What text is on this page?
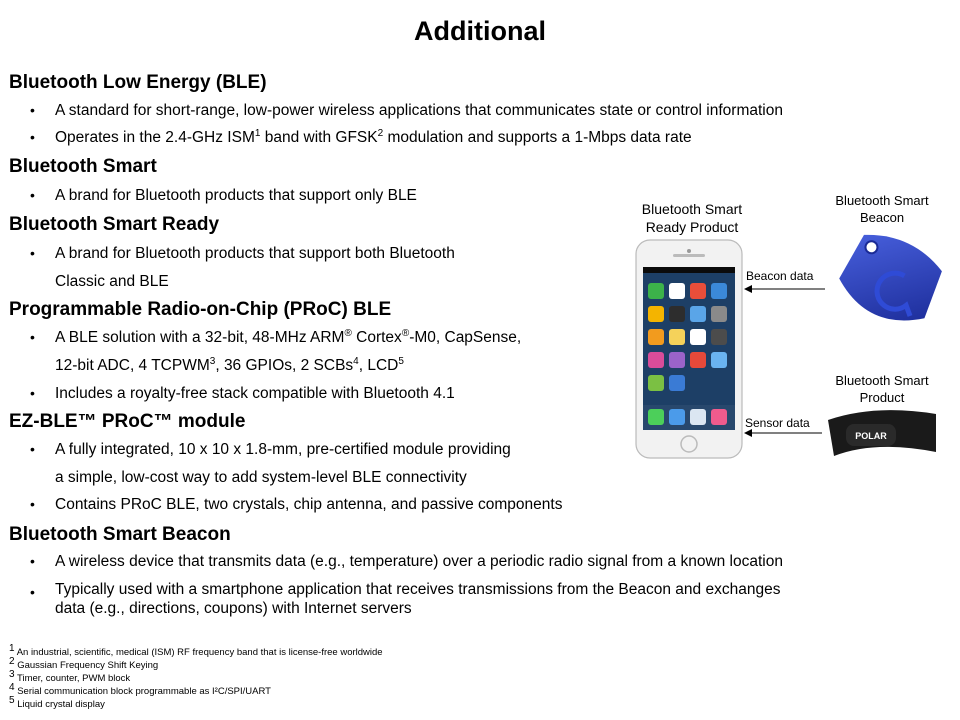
Additional
Bluetooth Low Energy (BLE)
• A standard for short-range, low-power wireless applications that communicates state or control information
• Operates in the 2.4-GHz ISM$^1$ band with GFSK$^2$ modulation and supports a 1-Mbps data rate
Bluetooth Smart
• A brand for Bluetooth products that support only BLE
Bluetooth Smart Ready
• A brand for Bluetooth products that support both Bluetooth
Classic and BLE
Programmable Radio-on-Chip (PRoC) BLE
• A BLE solution with a 32-bit, 48-MHz ARM® Cortex®-M0, CapSense,
12-bit ADC, 4 TCPWM$^3$, 36 GPIOs, 2 SCBs$^4$, LCD$^5$
• Includes a royalty-free stack compatible with Bluetooth 4.1
EZ-BLE™ PRoC™ module
• A fully integrated, 10 x 10 x 1.8-mm, pre-certified module providing
a simple, low-cost way to add system-level BLE connectivity
• Contains PRoC BLE, two crystals, chip antenna, and passive components
Bluetooth Smart Beacon
• A wireless device that transmits data (e.g., temperature) over a periodic radio signal from a known location
• Typically used with a smartphone application that receives transmissions from the Beacon and exchanges
data (e.g., directions, coupons) with Internet servers
Bluetooth Smart
Ready Product
Bluetooth Smart
Beacon
Bluetooth Smart
Product
Beacon data
Sensor data
POLAR
1 An industrial, scientific, medical (ISM) RF frequency band that is license-free worldwide
2 Gaussian Frequency Shift Keying
3 Timer, counter, PWM block
4 Serial communication block programmable as I²C/SPI/UART
5 Liquid crystal display
